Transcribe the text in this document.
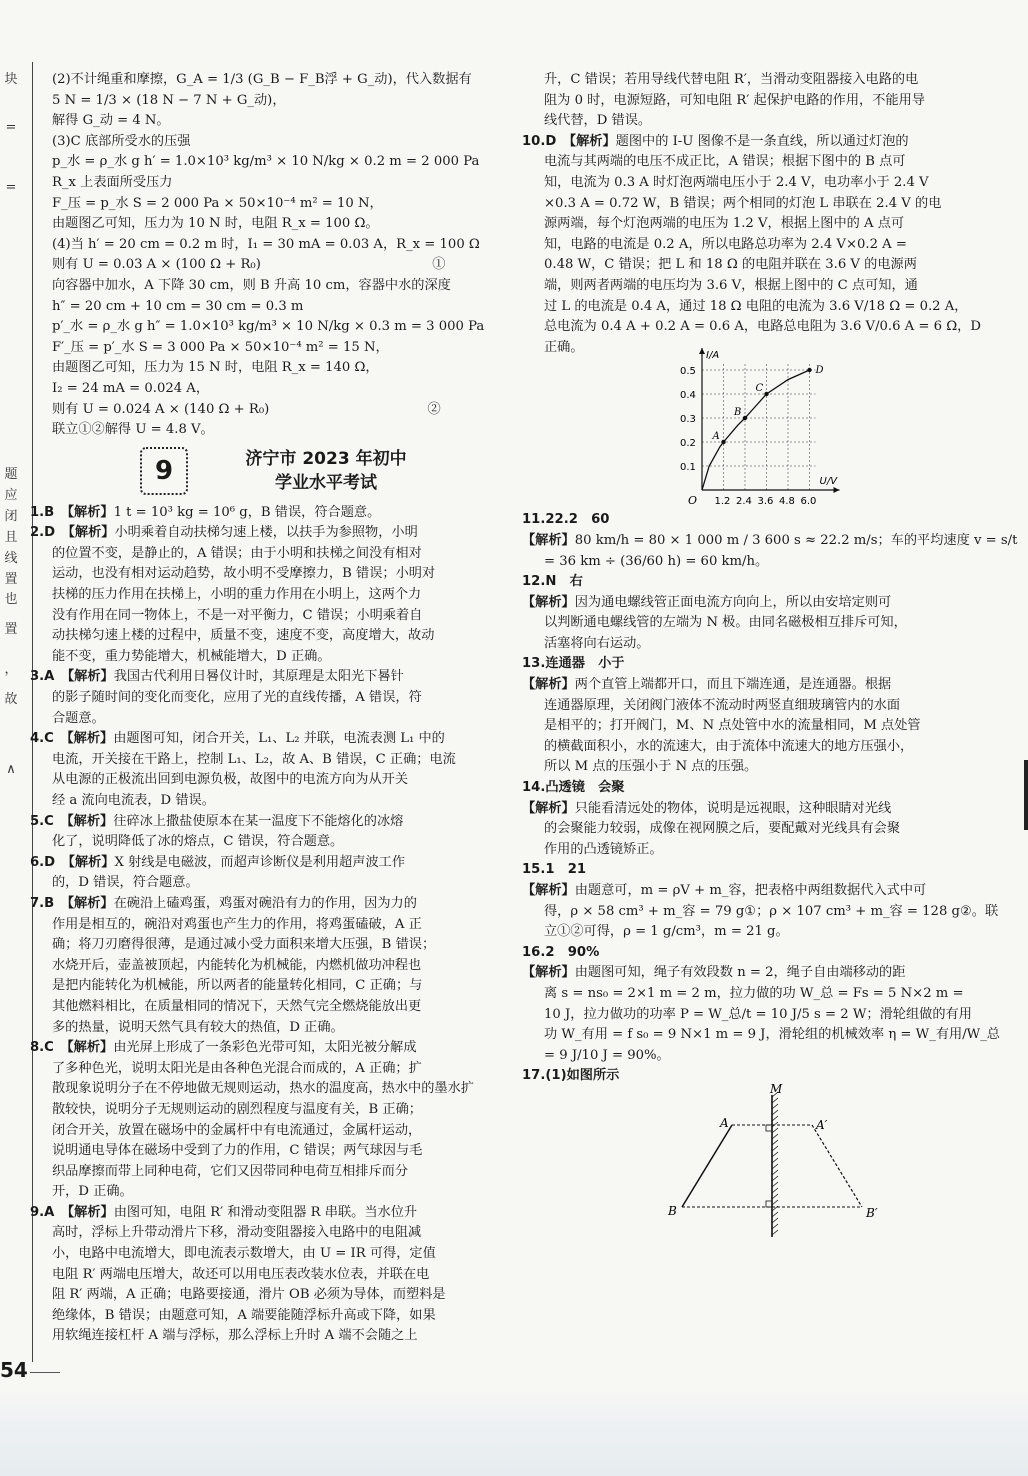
块
=
=
题
应
闭
且
线
置
也
置
，
故
∧
(2)不计绳重和摩擦，G_A = 1/3 (G_B − F_B浮 + G_动)，代入数据有
5 N = 1/3 × (18 N − 7 N + G_动)，
解得 G_动 = 4 N。
(3)C 底部所受水的压强
p_水 = ρ_水 g h′ = 1.0×10³ kg/m³ × 10 N/kg × 0.2 m = 2 000 Pa
R_x 上表面所受压力
F_压 = p_水 S = 2 000 Pa × 50×10⁻⁴ m² = 10 N，
由题图乙可知，压力为 10 N 时，电阻 R_x = 100 Ω。
(4)当 h′ = 20 cm = 0.2 m 时，I₁ = 30 mA = 0.03 A，R_x = 100 Ω
则有 U = 0.03 A × (100 Ω + R₀)　　　　　　　　　　　　　①
向容器中加水，A 下降 30 cm，则 B 升高 10 cm，容器中水的深度
h″ = 20 cm + 10 cm = 30 cm = 0.3 m
p′_水 = ρ_水 g h″ = 1.0×10³ kg/m³ × 10 N/kg × 0.3 m = 3 000 Pa
F′_压 = p′_水 S = 3 000 Pa × 50×10⁻⁴ m² = 15 N，
由题图乙可知，压力为 15 N 时，电阻 R_x = 140 Ω，
I₂ = 24 mA = 0.024 A，
则有 U = 0.024 A × (140 Ω + R₀)　　　　　　　　　　　　②
联立①②解得 U = 4.8 V。
9	济宁市 2023 年初中
学业水平考试
1.B　【解析】1 t = 10³ kg = 10⁶ g，B 错误，符合题意。
2.D　【解析】小明乘着自动扶梯匀速上楼，以扶手为参照物，小明
的位置不变，是静止的，A 错误；由于小明和扶梯之间没有相对
运动，也没有相对运动趋势，故小明不受摩擦力，B 错误；小明对
扶梯的压力作用在扶梯上，小明的重力作用在小明上，这两个力
没有作用在同一物体上，不是一对平衡力，C 错误；小明乘着自
动扶梯匀速上楼的过程中，质量不变，速度不变，高度增大，故动
能不变，重力势能增大，机械能增大，D 正确。
3.A　【解析】我国古代利用日晷仪计时，其原理是太阳光下晷针
的影子随时间的变化而变化，应用了光的直线传播，A 错误，符
合题意。
4.C　【解析】由题图可知，闭合开关，L₁、L₂ 并联，电流表测 L₁ 中的
电流，开关接在干路上，控制 L₁、L₂，故 A、B 错误，C 正确；电流
从电源的正极流出回到电源负极，故图中的电流方向为从开关
经 a 流向电流表，D 错误。
5.C　【解析】往碎冰上撒盐使原本在某一温度下不能熔化的冰熔
化了，说明降低了冰的熔点，C 错误，符合题意。
6.D　【解析】X 射线是电磁波，而超声诊断仪是利用超声波工作
的，D 错误，符合题意。
7.B　【解析】在碗沿上磕鸡蛋，鸡蛋对碗沿有力的作用，因为力的
作用是相互的，碗沿对鸡蛋也产生力的作用，将鸡蛋磕破，A 正
确；将刀刃磨得很薄，是通过减小受力面积来增大压强，B 错误；
水烧开后，壶盖被顶起，内能转化为机械能，内燃机做功冲程也
是把内能转化为机械能，所以两者的能量转化相同，C 正确；与
其他燃料相比，在质量相同的情况下，天然气完全燃烧能放出更
多的热量，说明天然气具有较大的热值，D 正确。
8.C　【解析】由光屏上形成了一条彩色光带可知，太阳光被分解成
了多种色光，说明太阳光是由各种色光混合而成的，A 正确；扩
散现象说明分子在不停地做无规则运动，热水的温度高，热水中的墨水扩
散较快，说明分子无规则运动的剧烈程度与温度有关，B 正确；
闭合开关，放置在磁场中的金属杆中有电流通过，金属杆运动，
说明通电导体在磁场中受到了力的作用，C 错误；两气球因与毛
织品摩擦而带上同种电荷，它们又因带同种电荷互相排斥而分
开，D 正确。
9.A　【解析】由图可知，电阻 R′ 和滑动变阻器 R 串联。当水位升
高时，浮标上升带动滑片下移，滑动变阻器接入电路中的电阻减
小，电路中电流增大，即电流表示数增大，由 U = IR 可得，定值
电阻 R′ 两端电压增大，故还可以用电压表改装水位表，并联在电
阻 R′ 两端，A 正确；电路要接通，滑片 OB 必须为导体，而塑料是
绝缘体，B 错误；由题意可知，A 端要能随浮标升高或下降，如果
用软绳连接杠杆 A 端与浮标，那么浮标上升时 A 端不会随之上
升，C 错误；若用导线代替电阻 R′，当滑动变阻器接入电路的电
阻为 0 时，电源短路，可知电阻 R′ 起保护电路的作用，不能用导
线代替，D 错误。
10.D　【解析】题图中的 I-U 图像不是一条直线，所以通过灯泡的
电流与其两端的电压不成正比，A 错误；根据下图中的 B 点可
知，电流为 0.3 A 时灯泡两端电压小于 2.4 V，电功率小于 2.4 V
×0.3 A = 0.72 W，B 错误；两个相同的灯泡 L 串联在 2.4 V 的电
源两端，每个灯泡两端的电压为 1.2 V，根据上图中的 A 点可
知，电路的电流是 0.2 A，所以电路总功率为 2.4 V×0.2 A =
0.48 W，C 错误；把 L 和 18 Ω 的电阻并联在 3.6 V 的电源两
端，则两者两端的电压均为 3.6 V，根据上图中的 C 点可知，通
过 L 的电流是 0.4 A，通过 18 Ω 电阻的电流为 3.6 V/18 Ω = 0.2 A，
总电流为 0.4 A + 0.2 A = 0.6 A，电路总电阻为 3.6 V/0.6 A = 6 Ω，D
正确。
0.1
0.2
0.3
0.4
0.5
1.2 2.4 3.6 4.8 6.0
O
I/A
U/V
A
B
C
D
11.22.2　60
【解析】80 km/h = 80 × 1 000 m / 3 600 s ≈ 22.2 m/s；车的平均速度 v = s/t
= 36 km ÷ (36/60 h) = 60 km/h。
12.N　右
【解析】因为通电螺线管正面电流方向向上，所以由安培定则可
以判断通电螺线管的左端为 N 极。由同名磁极相互排斥可知，
活塞将向右运动。
13.连通器　小于
【解析】两个直管上端都开口，而且下端连通，是连通器。根据
连通器原理，关闭阀门液体不流动时两竖直细玻璃管内的水面
是相平的；打开阀门，M、N 点处管中水的流量相同，M 点处管
的横截面积小，水的流速大，由于流体中流速大的地方压强小，
所以 M 点的压强小于 N 点的压强。
14.凸透镜　会聚
【解析】只能看清远处的物体，说明是远视眼，这种眼睛对光线
的会聚能力较弱，成像在视网膜之后，要配戴对光线具有会聚
作用的凸透镜矫正。
15.1　21
【解析】由题意可，m = ρV + m_容，把表格中两组数据代入式中可
得，ρ × 58 cm³ + m_容 = 79 g①；ρ × 107 cm³ + m_容 = 128 g②。联
立①②可得，ρ = 1 g/cm³，m = 21 g。
16.2　90%
【解析】由题图可知，绳子有效段数 n = 2，绳子自由端移动的距
离 s = ns₀ = 2×1 m = 2 m，拉力做的功 W_总 = Fs = 5 N×2 m =
10 J，拉力做功的功率 P = W_总/t = 10 J/5 s = 2 W；滑轮组做的有用
功 W_有用 = f s₀ = 9 N×1 m = 9 J，滑轮组的机械效率 η = W_有用/W_总
= 9 J/10 J = 90%。
17.(1)如图所示
M
A	A′
B	B′
54
